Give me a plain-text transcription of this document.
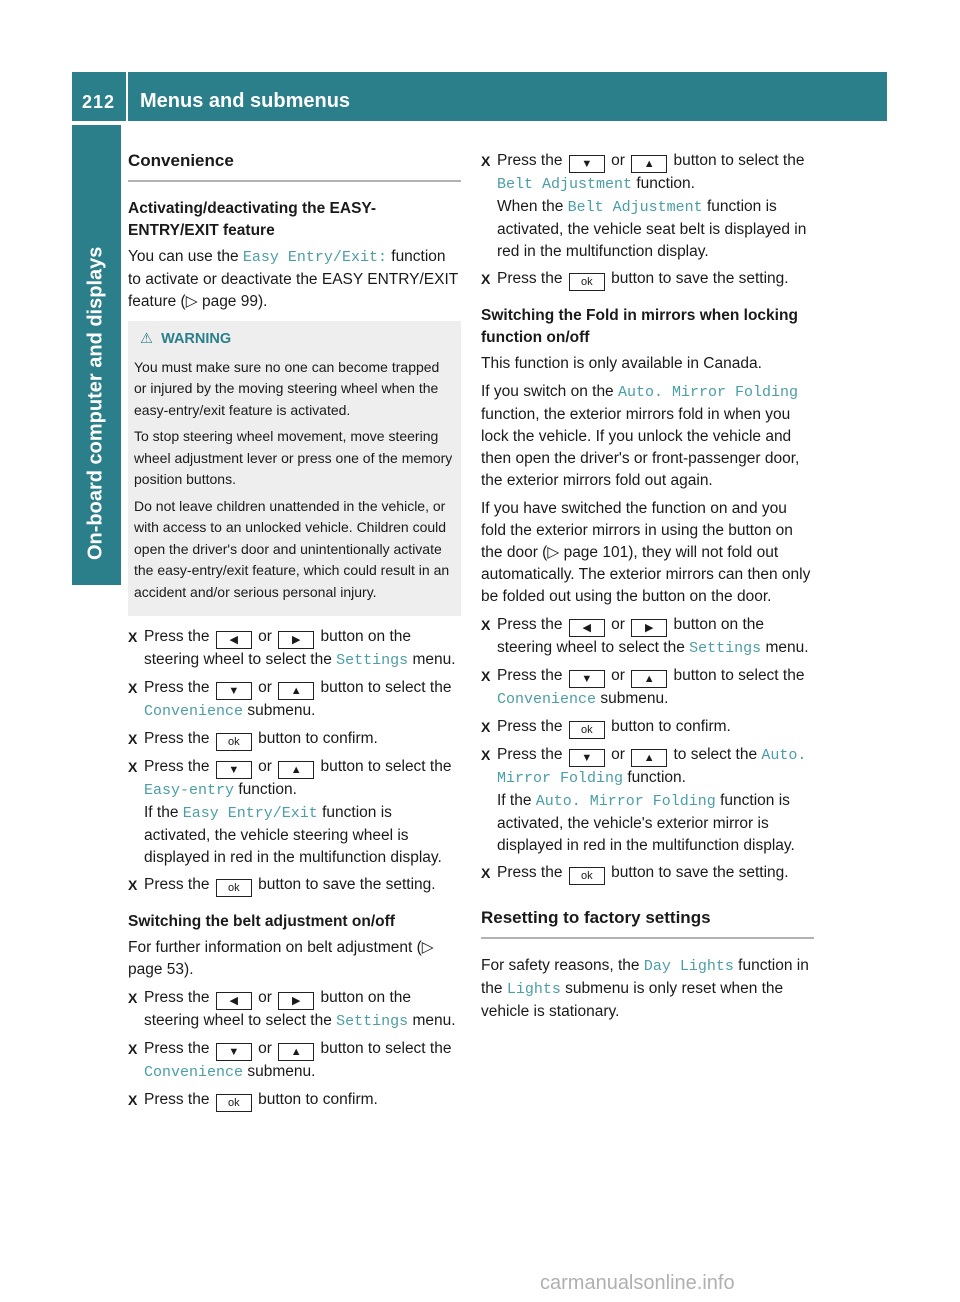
212 Menus and submenus
On-board computer and displays
Convenience
Activating/deactivating the EASY-ENTRY/EXIT feature

You can use the Easy Entry/Exit: function to activate or deactivate the EASY ENTRY/EXIT feature (▷ page 99).

⚠ WARNING

You must make sure no one can become trapped or injured by the moving steering wheel when the easy-entry/exit feature is activated.

To stop steering wheel movement, move steering wheel adjustment lever or press one of the memory position buttons.

Do not leave children unattended in the vehicle, or with access to an unlocked vehicle. Children could open the driver's door and unintentionally activate the easy-entry/exit feature, which could result in an accident and/or serious personal injury.

X Press the ◀ or ▶ button on the steering wheel to select the Settings menu.
X Press the ▼ or ▲ button to select the Convenience submenu.
X Press the ok button to confirm.
X Press the ▼ or ▲ button to select the Easy-entry function.
If the Easy Entry/Exit function is activated, the vehicle steering wheel is displayed in red in the multifunction display.
X Press the ok button to save the setting.
Switching the belt adjustment on/off

For further information on belt adjustment (▷ page 53).

X Press the ◀ or ▶ button on the steering wheel to select the Settings menu.
X Press the ▼ or ▲ button to select the Convenience submenu.
X Press the ok button to confirm.
X Press the ▼ or ▲ button to select the Belt Adjustment function.
When the Belt Adjustment function is activated, the vehicle seat belt is displayed in red in the multifunction display.
X Press the ok button to save the setting.
Switching the Fold in mirrors when locking function on/off

This function is only available in Canada.

If you switch on the Auto. Mirror Folding function, the exterior mirrors fold in when you lock the vehicle. If you unlock the vehicle and then open the driver's or front-passenger door, the exterior mirrors fold out again.

If you have switched the function on and you fold the exterior mirrors in using the button on the door (▷ page 101), they will not fold out automatically. The exterior mirrors can then only be folded out using the button on the door.

X Press the ◀ or ▶ button on the steering wheel to select the Settings menu.
X Press the ▼ or ▲ button to select the Convenience submenu.
X Press the ok button to confirm.
X Press the ▼ or ▲ to select the Auto. Mirror Folding function.
If the Auto. Mirror Folding function is activated, the vehicle's exterior mirror is displayed in red in the multifunction display.
X Press the ok button to save the setting.
Resetting to factory settings

For safety reasons, the Day Lights function in the Lights submenu is only reset when the vehicle is stationary.

carmanualsonline.info
